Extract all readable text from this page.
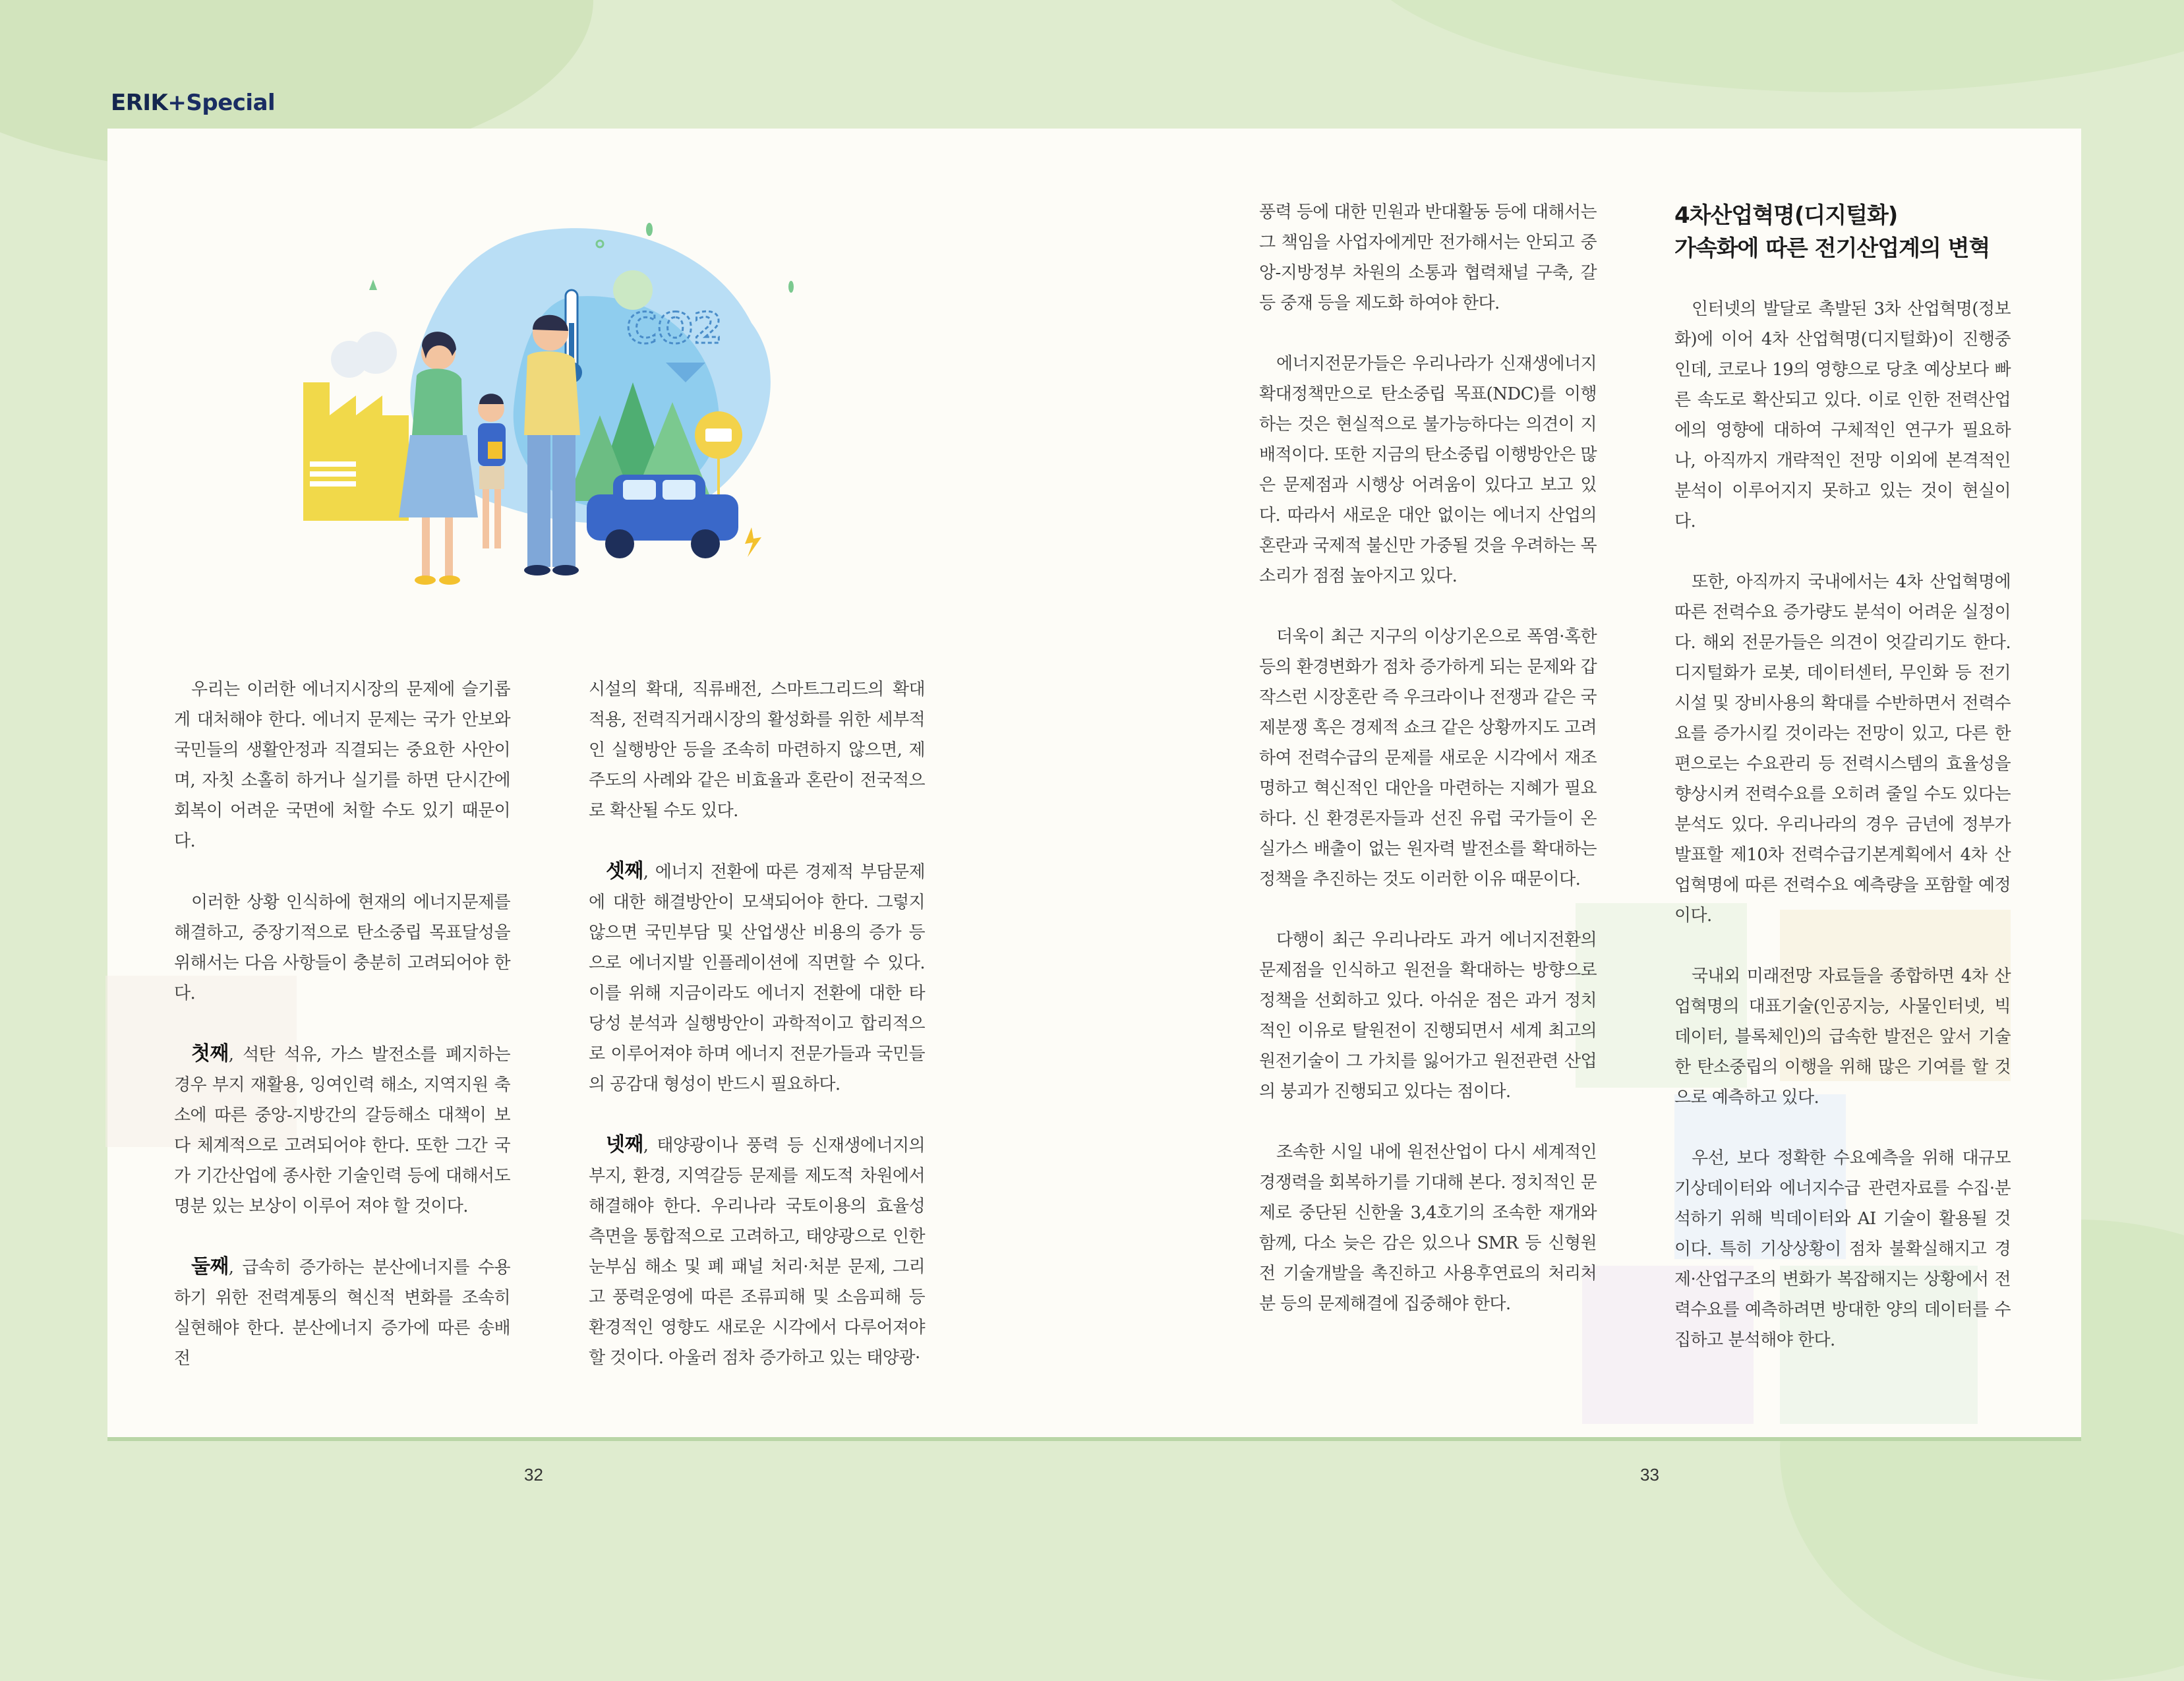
ERIK+Special
CO2

우리는 이러한 에너지시장의 문제에 슬기롭게 대처해야 한다. 에너지 문제는 국가 안보와 국민들의 생활안정과 직결되는 중요한 사안이며, 자칫 소홀히 하거나 실기를 하면 단시간에 회복이 어려운 국면에 처할 수도 있기 때문이다.

이러한 상황 인식하에 현재의 에너지문제를 해결하고, 중장기적으로 탄소중립 목표달성을 위해서는 다음 사항들이 충분히 고려되어야 한다.

첫째, 석탄 석유, 가스 발전소를 폐지하는 경우 부지 재활용, 잉여인력 해소, 지역지원 축소에 따른 중앙-지방간의 갈등해소 대책이 보다 체계적으로 고려되어야 한다. 또한 그간 국가 기간산업에 종사한 기술인력 등에 대해서도 명분 있는 보상이 이루어 져야 할 것이다.

둘째, 급속히 증가하는 분산에너지를 수용하기 위한 전력계통의 혁신적 변화를 조속히 실현해야 한다. 분산에너지 증가에 따른 송배전

시설의 확대, 직류배전, 스마트그리드의 확대 적용, 전력직거래시장의 활성화를 위한 세부적인 실행방안 등을 조속히 마련하지 않으면, 제주도의 사례와 같은 비효율과 혼란이 전국적으로 확산될 수도 있다.

셋째, 에너지 전환에 따른 경제적 부담문제에 대한 해결방안이 모색되어야 한다. 그렇지 않으면 국민부담 및 산업생산 비용의 증가 등으로 에너지발 인플레이션에 직면할 수 있다. 이를 위해 지금이라도 에너지 전환에 대한 타당성 분석과 실행방안이 과학적이고 합리적으로 이루어져야 하며 에너지 전문가들과 국민들의 공감대 형성이 반드시 필요하다.

넷째, 태양광이나 풍력 등 신재생에너지의 부지, 환경, 지역갈등 문제를 제도적 차원에서 해결해야 한다. 우리나라 국토이용의 효율성 측면을 통합적으로 고려하고, 태양광으로 인한 눈부심 해소 및 폐 패널 처리·처분 문제, 그리고 풍력운영에 따른 조류피해 및 소음피해 등 환경적인 영향도 새로운 시각에서 다루어져야 할 것이다. 아울러 점차 증가하고 있는 태양광·

풍력 등에 대한 민원과 반대활동 등에 대해서는 그 책임을 사업자에게만 전가해서는 안되고 중앙-지방정부 차원의 소통과 협력채널 구축, 갈등 중재 등을 제도화 하여야 한다.

에너지전문가들은 우리나라가 신재생에너지 확대정책만으로 탄소중립 목표(NDC)를 이행 하는 것은 현실적으로 불가능하다는 의견이 지배적이다. 또한 지금의 탄소중립 이행방안은 많은 문제점과 시행상 어려움이 있다고 보고 있다. 따라서 새로운 대안 없이는 에너지 산업의 혼란과 국제적 불신만 가중될 것을 우려하는 목소리가 점점 높아지고 있다.

더욱이 최근 지구의 이상기온으로 폭염·혹한 등의 환경변화가 점차 증가하게 되는 문제와 갑작스런 시장혼란 즉 우크라이나 전쟁과 같은 국제분쟁 혹은 경제적 쇼크 같은 상황까지도 고려하여 전력수급의 문제를 새로운 시각에서 재조명하고 혁신적인 대안을 마련하는 지혜가 필요하다. 신 환경론자들과 선진 유럽 국가들이 온실가스 배출이 없는 원자력 발전소를 확대하는 정책을 추진하는 것도 이러한 이유 때문이다.

다행이 최근 우리나라도 과거 에너지전환의 문제점을 인식하고 원전을 확대하는 방향으로 정책을 선회하고 있다. 아쉬운 점은 과거 정치적인 이유로 탈원전이 진행되면서 세계 최고의 원전기술이 그 가치를 잃어가고 원전관련 산업의 붕괴가 진행되고 있다는 점이다.

조속한 시일 내에 원전산업이 다시 세계적인 경쟁력을 회복하기를 기대해 본다. 정치적인 문제로 중단된 신한울 3,4호기의 조속한 재개와 함께, 다소 늦은 감은 있으나 SMR 등 신형원전 기술개발을 촉진하고 사용후연료의 처리처분 등의 문제해결에 집중해야 한다.

4차산업혁명(디지털화)
가속화에 따른 전기산업계의 변혁

인터넷의 발달로 촉발된 3차 산업혁명(정보화)에 이어 4차 산업혁명(디지털화)이 진행중인데, 코로나 19의 영향으로 당초 예상보다 빠른 속도로 확산되고 있다. 이로 인한 전력산업에의 영향에 대하여 구체적인 연구가 필요하나, 아직까지 개략적인 전망 이외에 본격적인 분석이 이루어지지 못하고 있는 것이 현실이다.

또한, 아직까지 국내에서는 4차 산업혁명에 따른 전력수요 증가량도 분석이 어려운 실정이다. 해외 전문가들은 의견이 엇갈리기도 한다. 디지털화가 로봇, 데이터센터, 무인화 등 전기 시설 및 장비사용의 확대를 수반하면서 전력수요를 증가시킬 것이라는 전망이 있고, 다른 한편으로는 수요관리 등 전력시스템의 효율성을 향상시켜 전력수요를 오히려 줄일 수도 있다는 분석도 있다. 우리나라의 경우 금년에 정부가 발표할 제10차 전력수급기본계획에서 4차 산업혁명에 따른 전력수요 예측량을 포함할 예정이다.

국내외 미래전망 자료들을 종합하면 4차 산업혁명의 대표기술(인공지능, 사물인터넷, 빅데이터, 블록체인)의 급속한 발전은 앞서 기술한 탄소중립의 이행을 위해 많은 기여를 할 것으로 예측하고 있다.

우선, 보다 정확한 수요예측을 위해 대규모 기상데이터와 에너지수급 관련자료를 수집·분석하기 위해 빅데이터와 AI 기술이 활용될 것이다. 특히 기상상황이 점차 불확실해지고 경제·산업구조의 변화가 복잡해지는 상황에서 전력수요를 예측하려면 방대한 양의 데이터를 수집하고 분석해야 한다.

32	33
